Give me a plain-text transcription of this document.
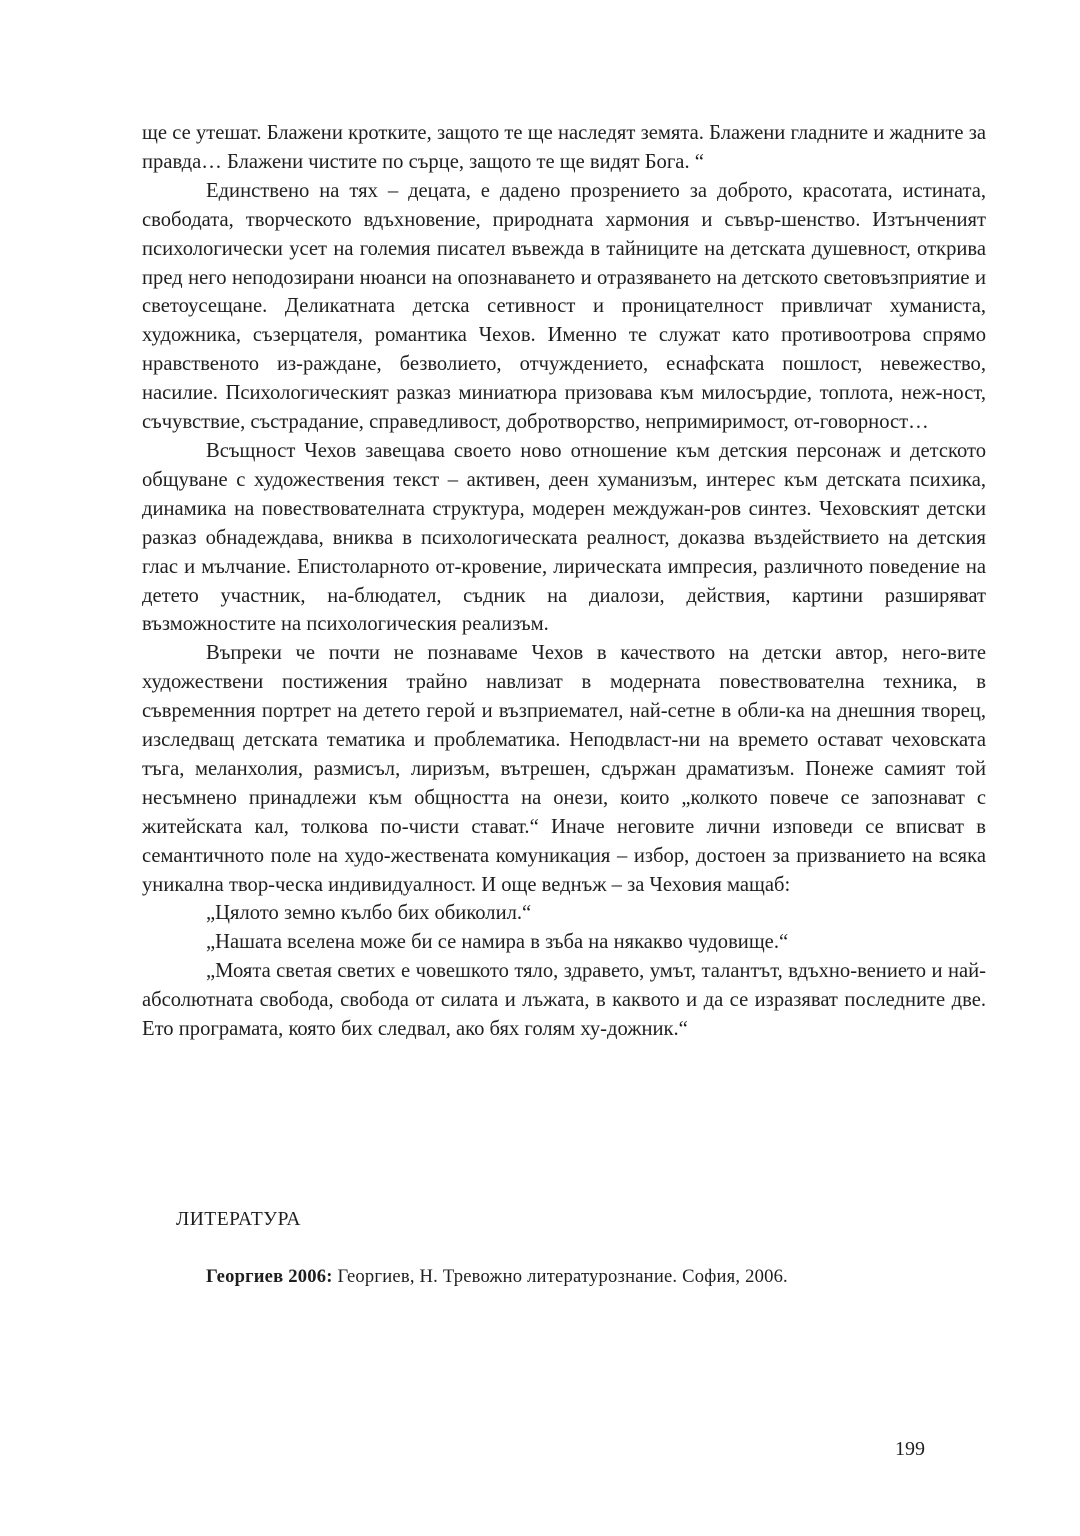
ще се утешат. Блажени кротките, защото те ще наследят земята. Блажени гладните и жадните за правда… Блажени чистите по сърце, защото те ще видят Бога. “

Единствено на тях – децата, е дадено прозрението за доброто, красотата, истината, свободата, творческото вдъхновение, природната хармония и съвър-шенство. Изтънченият психологически усет на големия писател въвежда в тайниците на детската душевност, открива пред него неподозирани нюанси на опознаването и отразяването на детското световъзприятие и светоусещане. Деликатната детска сетивност и проницателност привличат хуманиста, художника, съзерцателя, романтика Чехов. Именно те служат като противоотрова спрямо нравственото из-раждане, безволието, отчуждението, еснафската пошлост, невежество, насилие. Психологическият разказ миниатюра призовава към милосърдие, топлота, неж-ност, съчувствие, състрадание, справедливост, добротворство, непримиримост, от-говорност…

Всъщност Чехов завещава своето ново отношение към детския персонаж и детското общуване с художествения текст – активен, деен хуманизъм, интерес към детската психика, динамика на повествователната структура, модерен междужан-ров синтез. Чеховският детски разказ обнадеждава, вниква в психологическата реалност, доказва въздействието на детския глас и мълчание. Епистоларното от-кровение, лирическата импресия, различното поведение на детето участник, на-блюдател, съдник на диалози, действия, картини разширяват възможностите на психологическия реализъм.

Въпреки че почти не познаваме Чехов в качеството на детски автор, него-вите художествени постижения трайно навлизат в модерната повествователна техника, в съвременния портрет на детето герой и възприемател, най-сетне в обли-ка на днешния творец, изследващ детската тематика и проблематика. Неподвласт-ни на времето остават чеховската тъга, меланхолия, размисъл, лиризъм, вътрешен, сдържан драматизъм. Понеже самият той несъмнено принадлежи към общността на онези, които „колкото повече се запознават с житейската кал, толкова по-чисти стават.“ Иначе неговите лични изповеди се вписват в семантичното поле на худо-жествената комуникация – избор, достоен за призванието на всяка уникална твор-ческа индивидуалност. И още веднъж – за Чеховия мащаб:

„Цялото земно кълбо бих обиколил.“

„Нашата вселена може би се намира в зъба на някакво чудовище.“

„Моята светая светих е човешкото тяло, здравето, умът, талантът, вдъхно-вението и най-абсолютната свобода, свобода от силата и лъжата, в каквото и да се изразяват последните две. Ето програмата, която бих следвал, ако бях голям ху-дожник.“

ЛИТЕРАТУРА

Георгиев 2006: Георгиев, Н. Тревожно литературознание. София, 2006.

199
